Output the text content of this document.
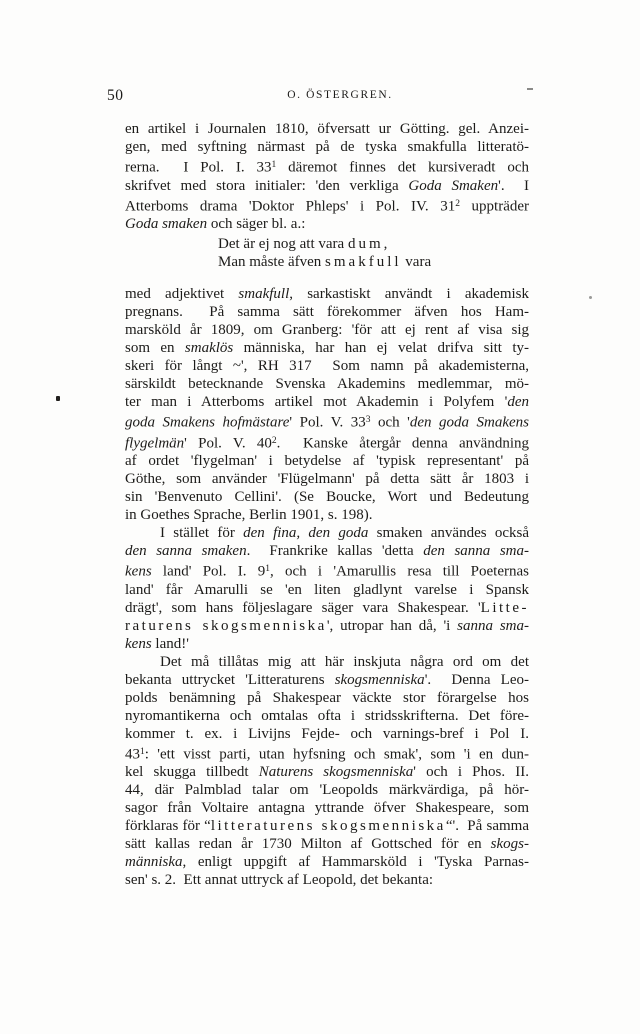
50	O. ÖSTERGREN.
en artikel i Journalen 1810, öfversatt ur Götting. gel. Anzei-
gen, med syftning närmast på de tyska smakfulla litteratö-
rerna.  I Pol. I. $33^1$ däremot finnes det kursiveradt och
skrifvet med stora initialer: 'den verkliga Goda Smaken'.  I
Atterboms drama 'Doktor Phleps' i Pol. IV. $31^2$ uppträder
Goda smaken och säger bl. a.:
Det är ej nog att vara dum,
Man måste äfven smakfull vara
med adjektivet smakfull, sarkastiskt användt i akademisk
pregnans.  På samma sätt förekommer äfven hos Ham-
marsköld år 1809, om Granberg: 'för att ej rent af visa sig
som en smaklös människa, har han ej velat drifva sitt ty-
skeri för långt ~', RH 317  Som namn på akademisterna,
särskildt betecknande Svenska Akademins medlemmar, mö-
ter man i Atterboms artikel mot Akademin i Polyfem 'den
goda Smakens hofmästare' Pol. V. $33^3$ och 'den goda Smakens
flygelmän' Pol. V. $40^2$.  Kanske återgår denna användning
af ordet 'flygelman' i betydelse af 'typisk representant' på
Göthe, som använder 'Flügelmann' på detta sätt år 1803 i
sin 'Benvenuto Cellini'. (Se Boucke, Wort und Bedeutung
in Goethes Sprache, Berlin 1901, s. 198).
I stället för den fina, den goda smaken användes också
den sanna smaken.  Frankrike kallas 'detta den sanna sma-
kens land' Pol. I. $9^1$, och i 'Amarullis resa till Poeternas
land' får Amarulli se 'en liten gladlynt varelse i Spansk
drägt', som hans följeslagare säger vara Shakespear. 'Litte-
raturens skogsmenniska', utropar han då, 'i sanna sma-
kens land!'
Det må tillåtas mig att här inskjuta några ord om det
bekanta uttrycket 'Litteraturens skogsmenniska'.  Denna Leo-
polds benämning på Shakespear väckte stor förargelse hos
nyromantikerna och omtalas ofta i stridsskrifterna. Det före-
kommer t. ex. i Livijns Fejde- och varnings-bref i Pol I.
$43^1$: 'ett visst parti, utan hyfsning och smak', som 'i en dun-
kel skugga tillbedt Naturens skogsmenniska' och i Phos. II.
44, där Palmblad talar om 'Leopolds märkvärdiga, på hör-
sagor från Voltaire antagna yttrande öfver Shakespeare, som
förklaras för “litteraturens skogsmenniska“'.  På samma
sätt kallas redan år 1730 Milton af Gottsched för en skogs-
människa, enligt uppgift af Hammarsköld i 'Tyska Parnas-
sen' s. 2.  Ett annat uttryck af Leopold, det bekanta:
